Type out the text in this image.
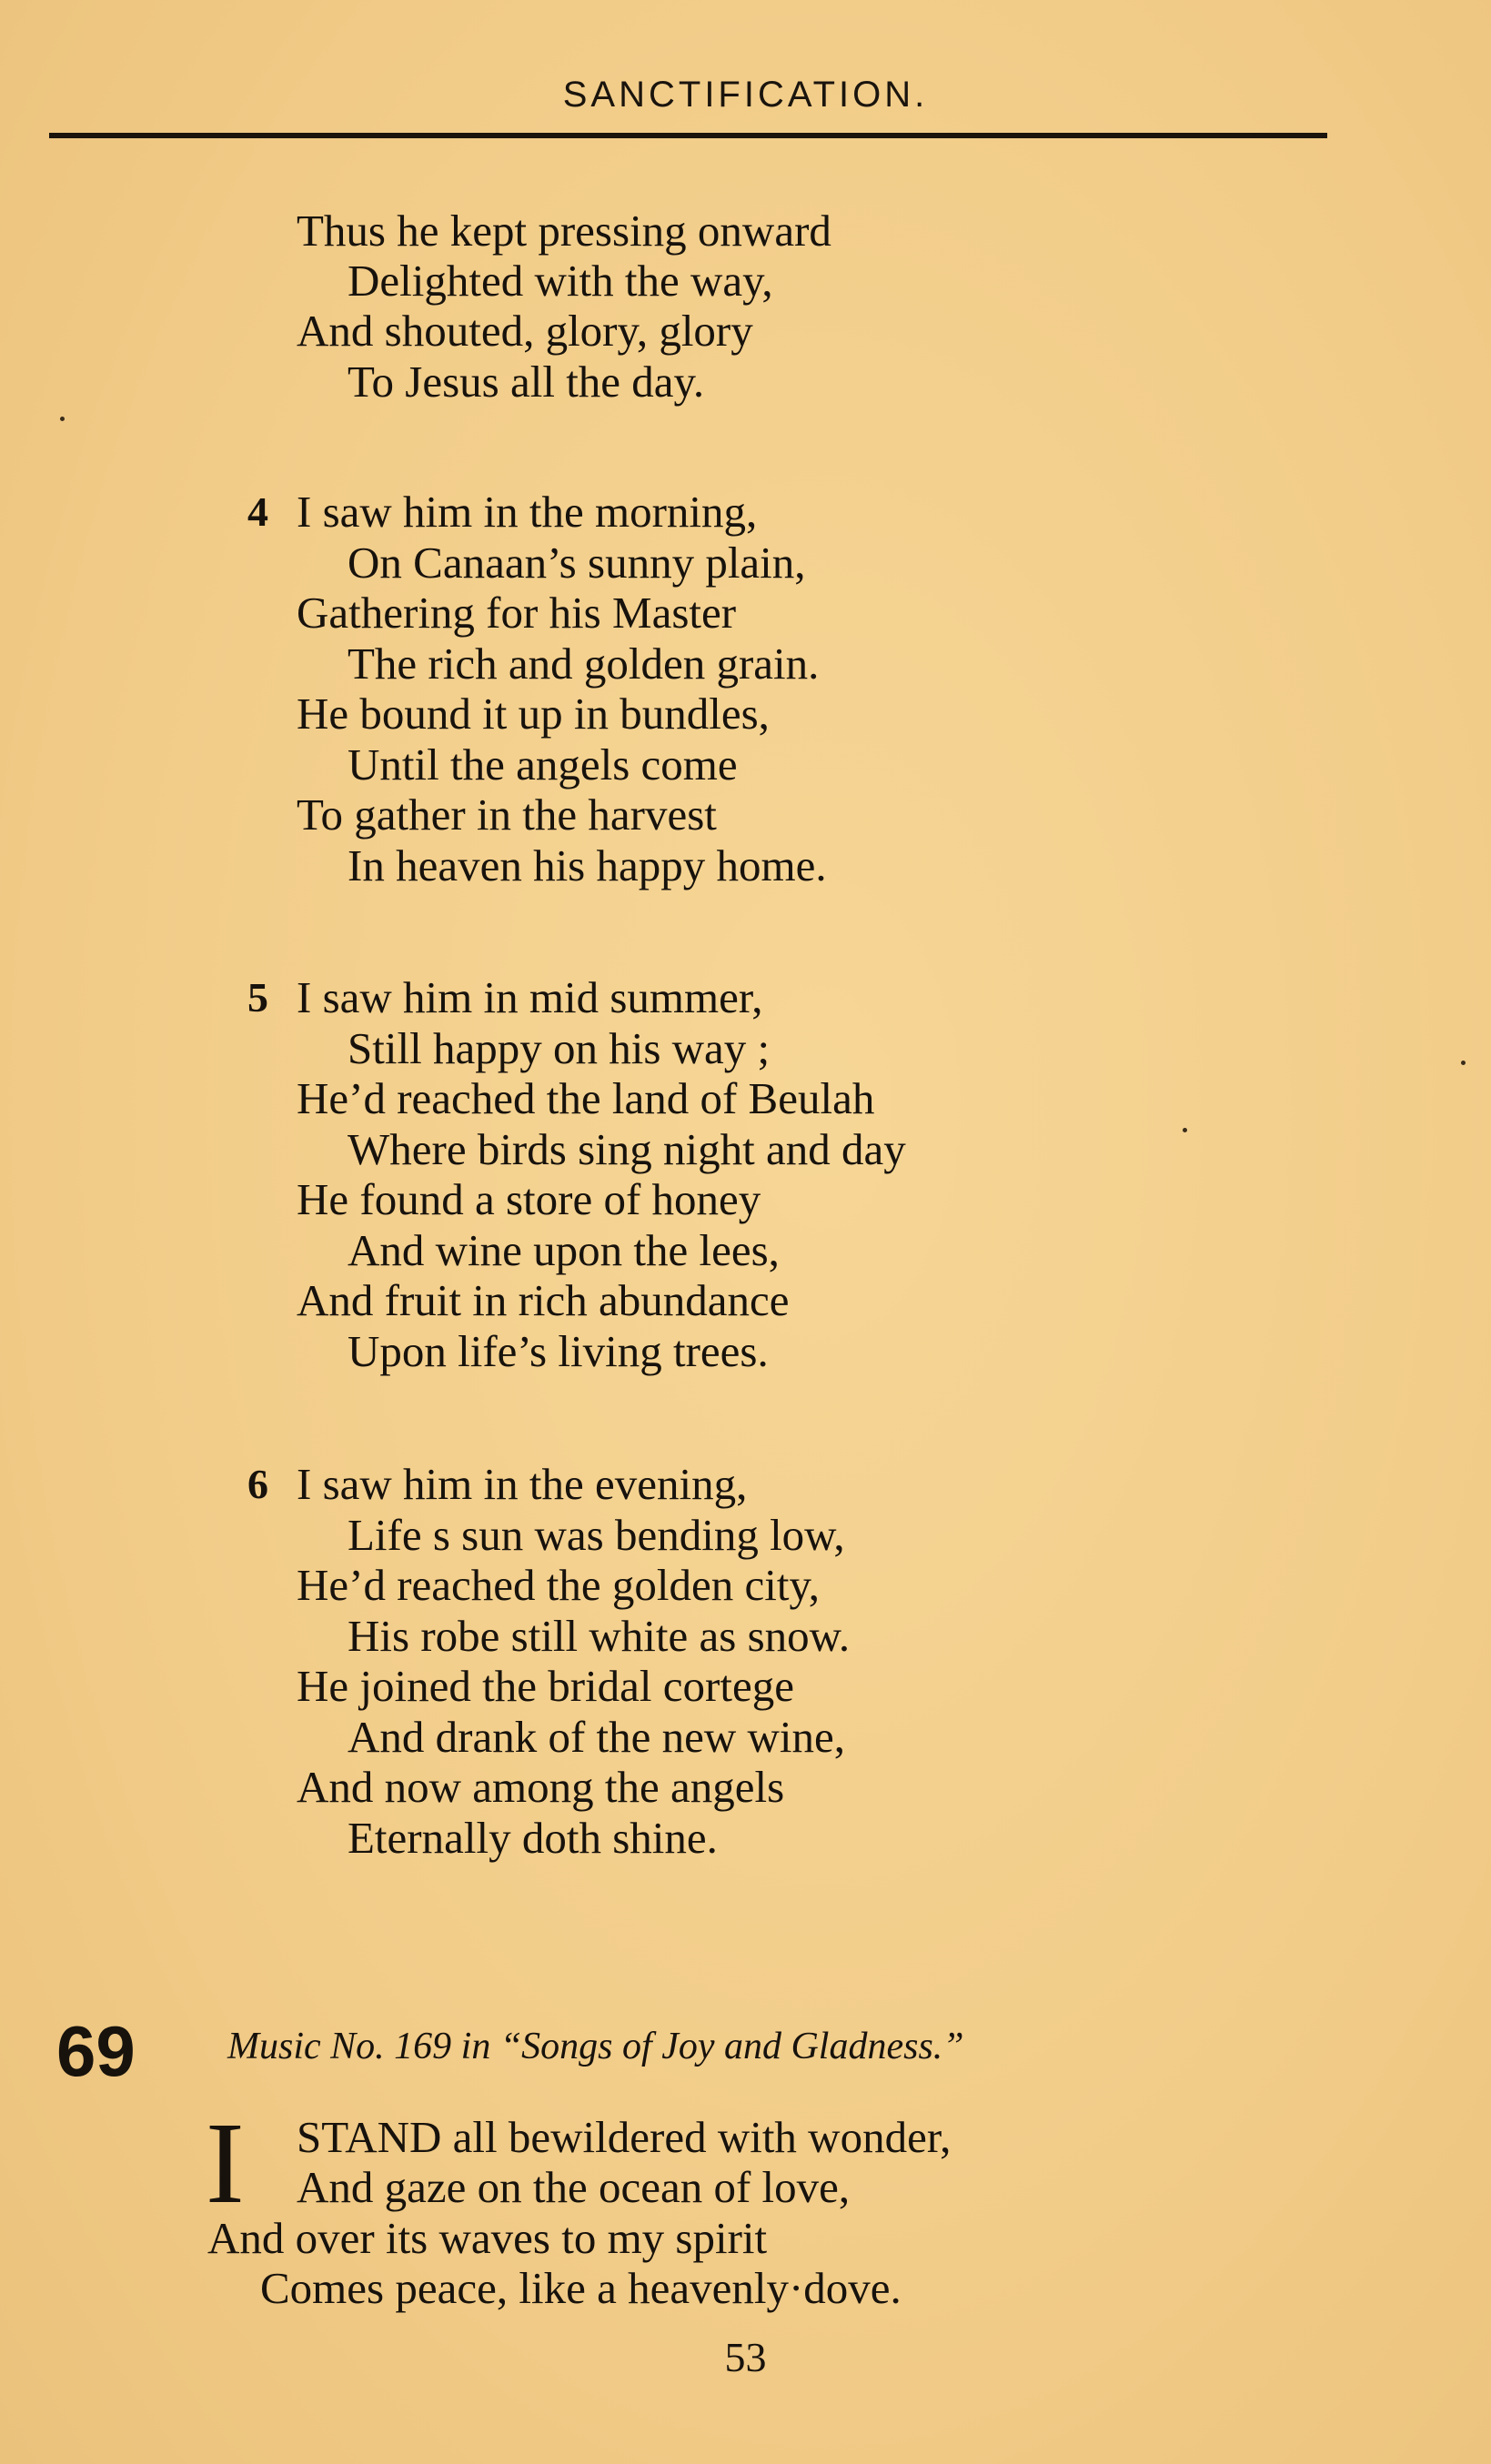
SANCTIFICATION.
Thus he kept pressing onward
Delighted with the way,
And shouted, glory, glory
To Jesus all the day.
4 I saw him in the morning,
On Canaan’s sunny plain,
Gathering for his Master
The rich and golden grain.
He bound it up in bundles,
Until the angels come
To gather in the harvest
In heaven his happy home.
5 I saw him in mid summer,
Still happy on his way ;
He’d reached the land of Beulah
Where birds sing night and day
He found a store of honey
And wine upon the lees,
And fruit in rich abundance
Upon life’s living trees.
6 I saw him in the evening,
Life s sun was bending low,
He’d reached the golden city,
His robe still white as snow.
He joined the bridal cortege
And drank of the new wine,
And now among the angels
Eternally doth shine.
69 Music No. 169 in “Songs of Joy and Gladness.”
I STAND all bewildered with wonder,
And gaze on the ocean of love,
And over its waves to my spirit
Comes peace, like a heavenly·dove.
53
